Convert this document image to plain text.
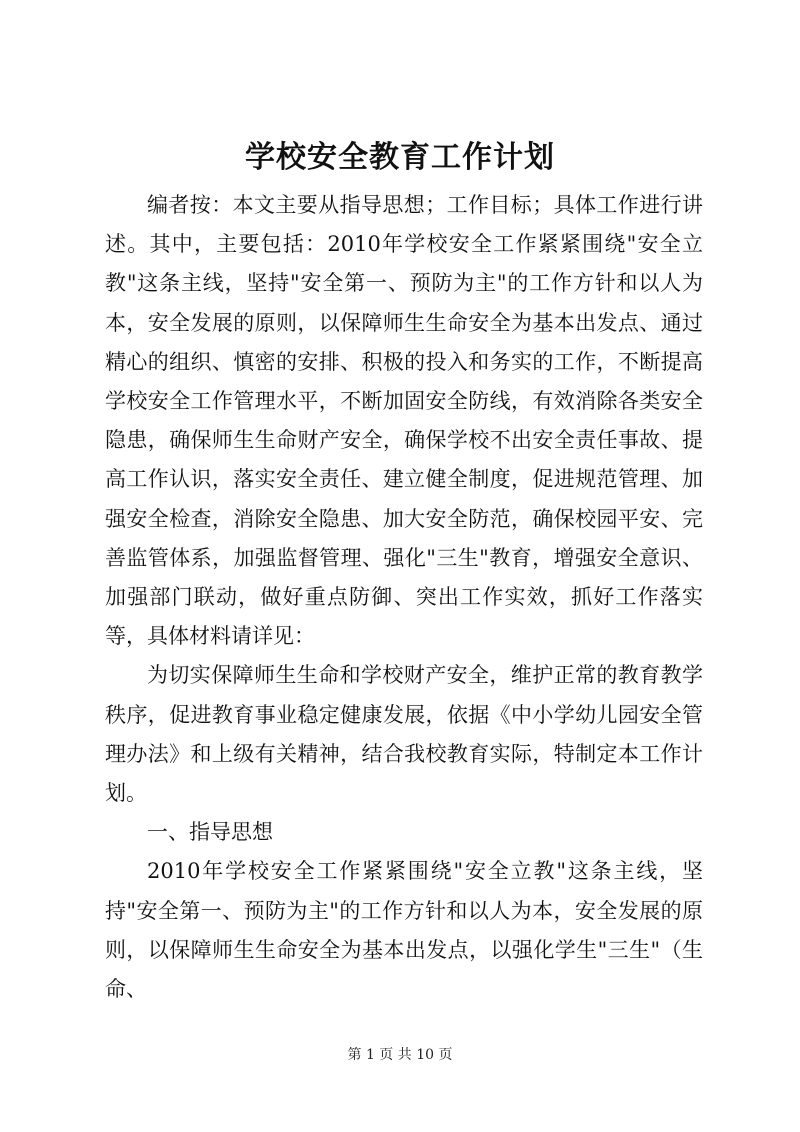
学校安全教育工作计划

编者按：本文主要从指导思想；工作目标；具体工作进行讲述。其中，主要包括：2010年学校安全工作紧紧围绕"安全立教"这条主线，坚持"安全第一、预防为主"的工作方针和以人为本，安全发展的原则，以保障师生生命安全为基本出发点、通过精心的组织、慎密的安排、积极的投入和务实的工作，不断提高学校安全工作管理水平，不断加固安全防线，有效消除各类安全隐患，确保师生生命财产安全，确保学校不出安全责任事故、提高工作认识，落实安全责任、建立健全制度，促进规范管理、加强安全检查，消除安全隐患、加大安全防范，确保校园平安、完善监管体系，加强监督管理、强化"三生"教育，增强安全意识、加强部门联动，做好重点防御、突出工作实效，抓好工作落实等，具体材料请详见：

为切实保障师生生命和学校财产安全，维护正常的教育教学秩序，促进教育事业稳定健康发展，依据《中小学幼儿园安全管理办法》和上级有关精神，结合我校教育实际，特制定本工作计划。

一、指导思想

2010年学校安全工作紧紧围绕"安全立教"这条主线，坚持"安全第一、预防为主"的工作方针和以人为本，安全发展的原则，以保障师生生命安全为基本出发点，以强化学生"三生"（生命、

第 1 页 共 10 页
